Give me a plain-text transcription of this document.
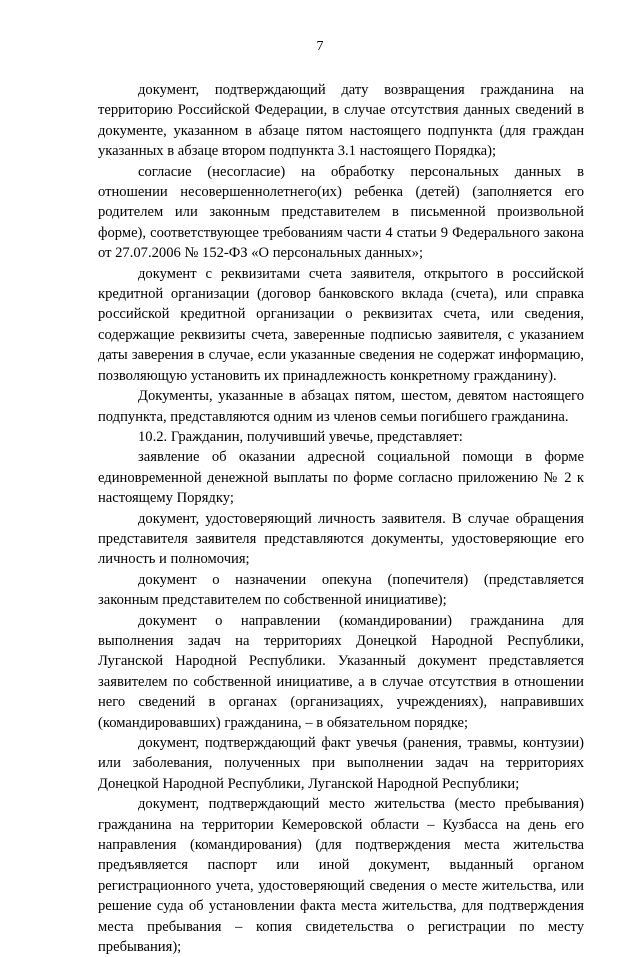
7

документ, подтверждающий дату возвращения гражданина на территорию Российской Федерации, в случае отсутствия данных сведений в документе, указанном в абзаце пятом настоящего подпункта (для граждан указанных в абзаце втором подпункта 3.1 настоящего Порядка);

согласие (несогласие) на обработку персональных данных в отношении несовершеннолетнего(их) ребенка (детей) (заполняется его родителем или законным представителем в письменной произвольной форме), соответствующее требованиям части 4 статьи 9 Федерального закона от 27.07.2006 № 152-ФЗ «О персональных данных»;

документ с реквизитами счета заявителя, открытого в российской кредитной организации (договор банковского вклада (счета), или справка российской кредитной организации о реквизитах счета, или сведения, содержащие реквизиты счета, заверенные подписью заявителя, с указанием даты заверения в случае, если указанные сведения не содержат информацию, позволяющую установить их принадлежность конкретному гражданину).

Документы, указанные в абзацах пятом, шестом, девятом настоящего подпункта, представляются одним из членов семьи погибшего гражданина.

10.2. Гражданин, получивший увечье, представляет:

заявление об оказании адресной социальной помощи в форме единовременной денежной выплаты по форме согласно приложению № 2 к настоящему Порядку;

документ, удостоверяющий личность заявителя. В случае обращения представителя заявителя представляются документы, удостоверяющие его личность и полномочия;

документ о назначении опекуна (попечителя) (представляется законным представителем по собственной инициативе);

документ о направлении (командировании) гражданина для выполнения задач на территориях Донецкой Народной Республики, Луганской Народной Республики. Указанный документ представляется заявителем по собственной инициативе, а в случае отсутствия в отношении него сведений в органах (организациях, учреждениях), направивших (командировавших) гражданина, – в обязательном порядке;

документ, подтверждающий факт увечья (ранения, травмы, контузии) или заболевания, полученных при выполнении задач на территориях Донецкой Народной Республики, Луганской Народной Республики;

документ, подтверждающий место жительства (место пребывания) гражданина на территории Кемеровской области – Кузбасса на день его направления (командирования) (для подтверждения места жительства предъявляется паспорт или иной документ, выданный органом регистрационного учета, удостоверяющий сведения о месте жительства, или решение суда об установлении факта места жительства, для подтверждения места пребывания – копия свидетельства о регистрации по месту пребывания);
